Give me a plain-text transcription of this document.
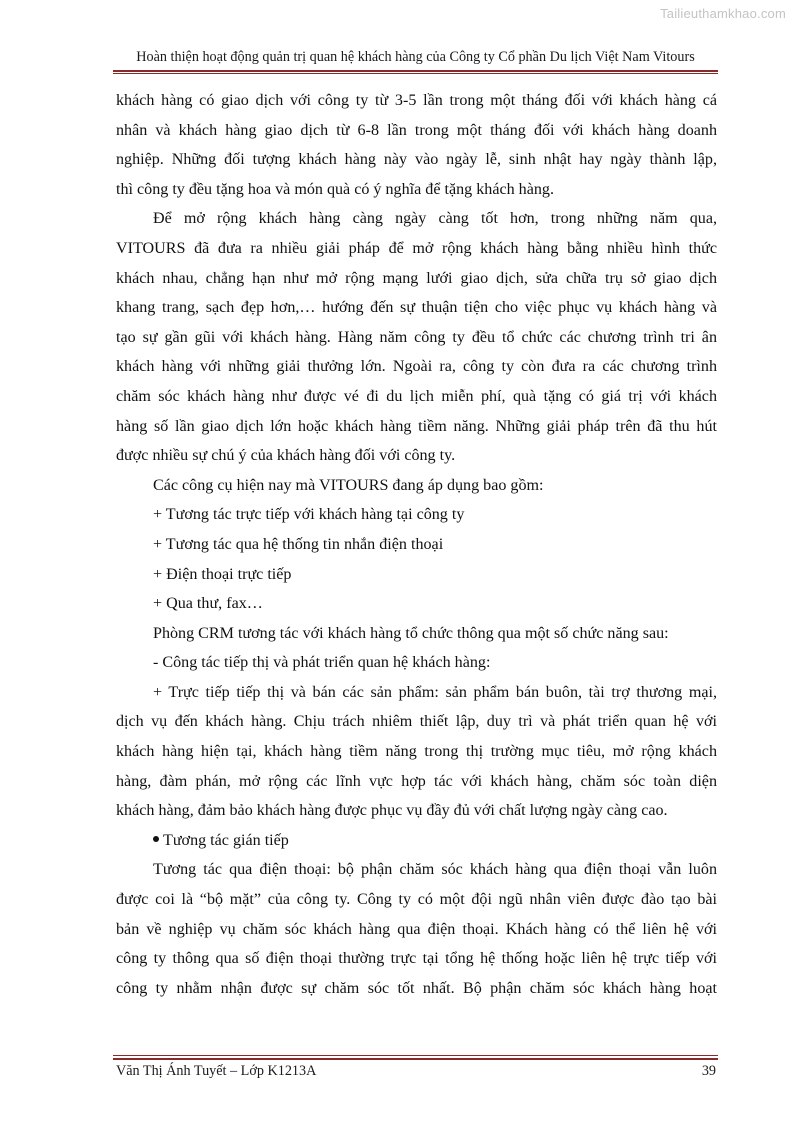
Tailieuthamkhao.com
Hoàn thiện hoạt động quản trị quan hệ khách hàng của Công ty Cổ phần Du lịch Việt Nam Vitours

khách hàng có giao dịch với công ty từ 3-5 lần trong một tháng đối với khách hàng cá

nhân và khách hàng giao dịch từ 6-8 lần trong một tháng đối với khách hàng doanh

nghiệp. Những đối tượng khách hàng này vào ngày lễ, sinh nhật hay ngày thành lập,

thì công ty đều tặng hoa và món quà có ý nghĩa để tặng khách hàng.

Để mở rộng khách hàng càng ngày càng tốt hơn, trong những năm qua,

VITOURS đã đưa ra nhiều giải pháp để mở rộng khách hàng bằng nhiều hình thức

khách nhau, chẳng hạn như mở rộng mạng lưới giao dịch, sửa chữa trụ sở giao dịch

khang trang, sạch đẹp hơn,… hướng đến sự thuận tiện cho việc phục vụ khách hàng và

tạo sự gần gũi với khách hàng. Hàng năm công ty đều tổ chức các chương trình tri ân

khách hàng với những giải thưởng lớn. Ngoài ra, công ty còn đưa ra các chương trình

chăm sóc khách hàng như được vé đi du lịch miễn phí, quà tặng có giá trị với khách

hàng số lần giao dịch lớn hoặc khách hàng tiềm năng. Những giải pháp trên đã thu hút

được nhiều sự chú ý của khách hàng đối với công ty.

Các công cụ hiện nay mà VITOURS đang áp dụng bao gồm:

+ Tương tác trực tiếp với khách hàng tại công ty

+ Tương tác qua hệ thống tin nhắn điện thoại

+ Điện thoại trực tiếp

+ Qua thư, fax…

Phòng CRM tương tác với khách hàng tổ chức thông qua một số chức năng sau:

- Công tác tiếp thị và phát triển quan hệ khách hàng:

+ Trực tiếp tiếp thị và bán các sản phẩm: sản phẩm bán buôn, tài trợ thương mại,

dịch vụ đến khách hàng. Chịu trách nhiêm thiết lập, duy trì và phát triển quan hệ với

khách hàng hiện tại, khách hàng tiềm năng trong thị trường mục tiêu, mở rộng khách

hàng, đàm phán, mở rộng các lĩnh vực hợp tác với khách hàng, chăm sóc toàn diện

khách hàng, đảm bảo khách hàng được phục vụ đầy đủ với chất lượng ngày càng cao.

Tương tác gián tiếp

Tương tác qua điện thoại: bộ phận chăm sóc khách hàng qua điện thoại vẫn luôn

được coi là “bộ mặt” của công ty. Công ty có một đội ngũ nhân viên được đào tạo bài

bản về nghiệp vụ chăm sóc khách hàng qua điện thoại. Khách hàng có thể liên hệ với

công ty thông qua số điện thoại thường trực tại tổng hệ thống hoặc liên hệ trực tiếp với

công ty nhằm nhận được sự chăm sóc tốt nhất. Bộ phận chăm sóc khách hàng hoạt

Văn Thị Ánh Tuyết – Lớp K1213A	39
